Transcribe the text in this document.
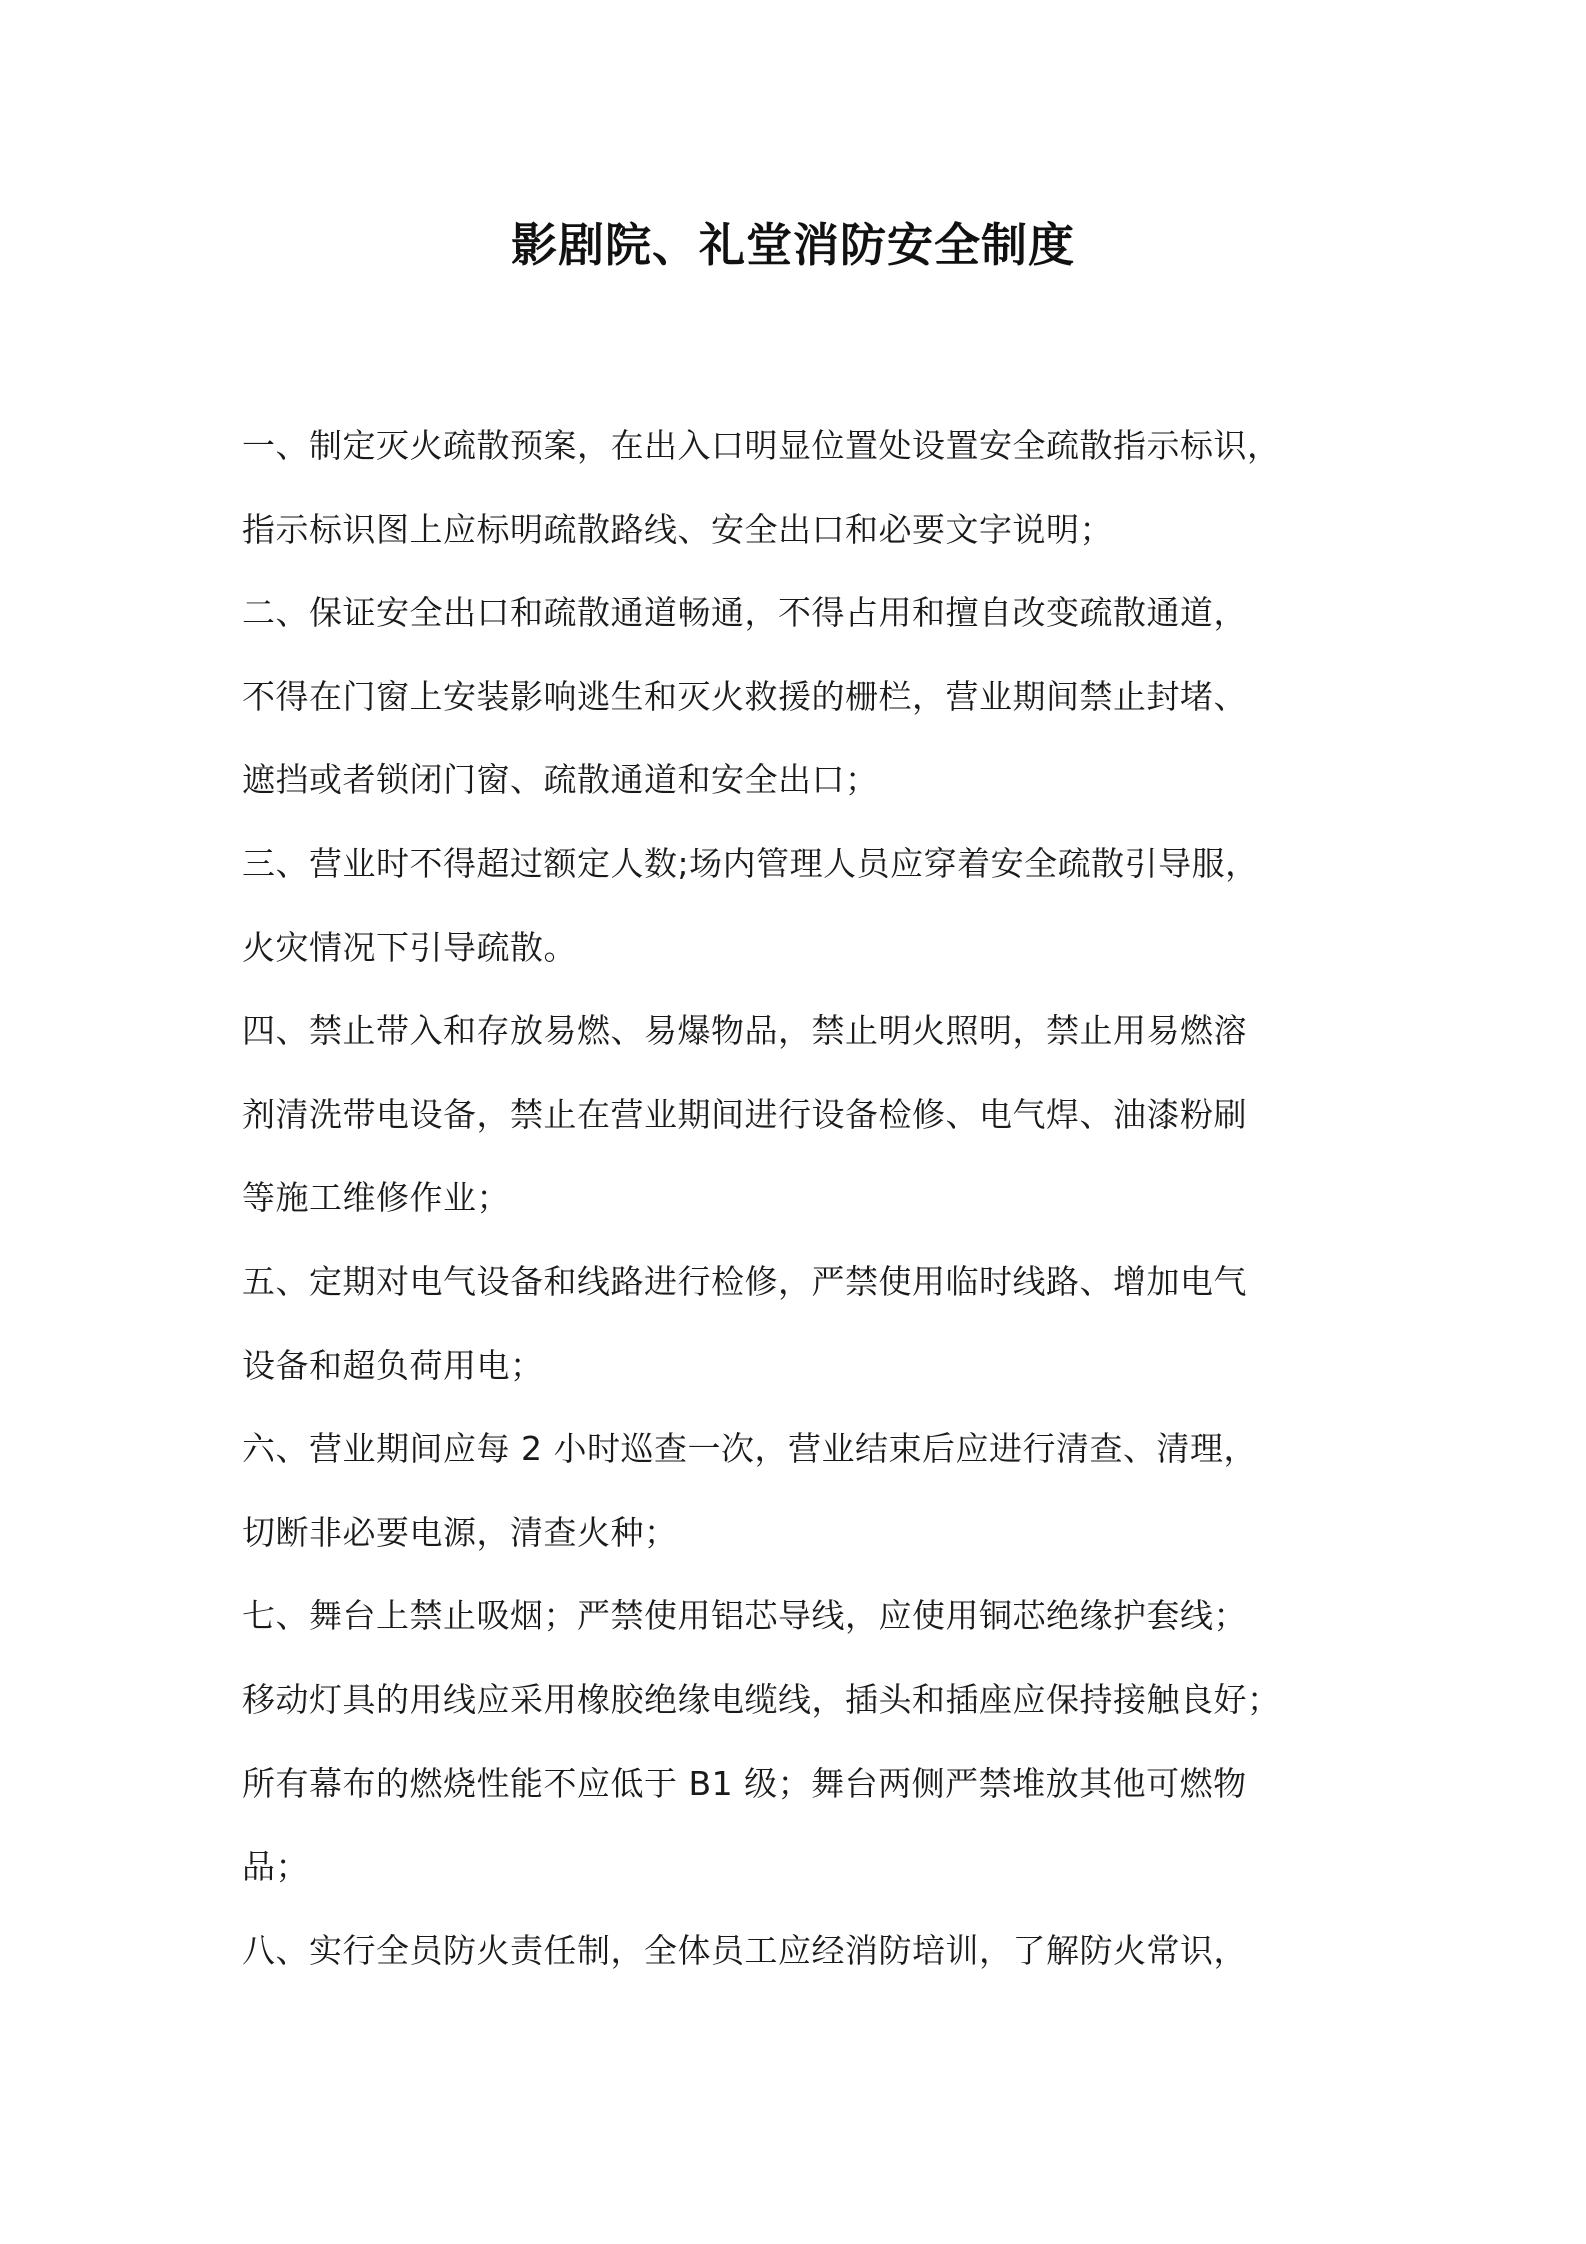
影剧院、礼堂消防安全制度
一、制定灭火疏散预案，在出入口明显位置处设置安全疏散指示标识，
指示标识图上应标明疏散路线、安全出口和必要文字说明；
二、保证安全出口和疏散通道畅通，不得占用和擅自改变疏散通道，
不得在门窗上安装影响逃生和灭火救援的栅栏，营业期间禁止封堵、
遮挡或者锁闭门窗、疏散通道和安全出口；
三、营业时不得超过额定人数;场内管理人员应穿着安全疏散引导服，
火灾情况下引导疏散。
四、禁止带入和存放易燃、易爆物品，禁止明火照明，禁止用易燃溶
剂清洗带电设备，禁止在营业期间进行设备检修、电气焊、油漆粉刷
等施工维修作业；
五、定期对电气设备和线路进行检修，严禁使用临时线路、增加电气
设备和超负荷用电；
六、营业期间应每 2 小时巡查一次，营业结束后应进行清查、清理，
切断非必要电源，清查火种；
七、舞台上禁止吸烟；严禁使用铝芯导线，应使用铜芯绝缘护套线；
移动灯具的用线应采用橡胶绝缘电缆线，插头和插座应保持接触良好；
所有幕布的燃烧性能不应低于 B1 级；舞台两侧严禁堆放其他可燃物
品；
八、实行全员防火责任制，全体员工应经消防培训，了解防火常识，
